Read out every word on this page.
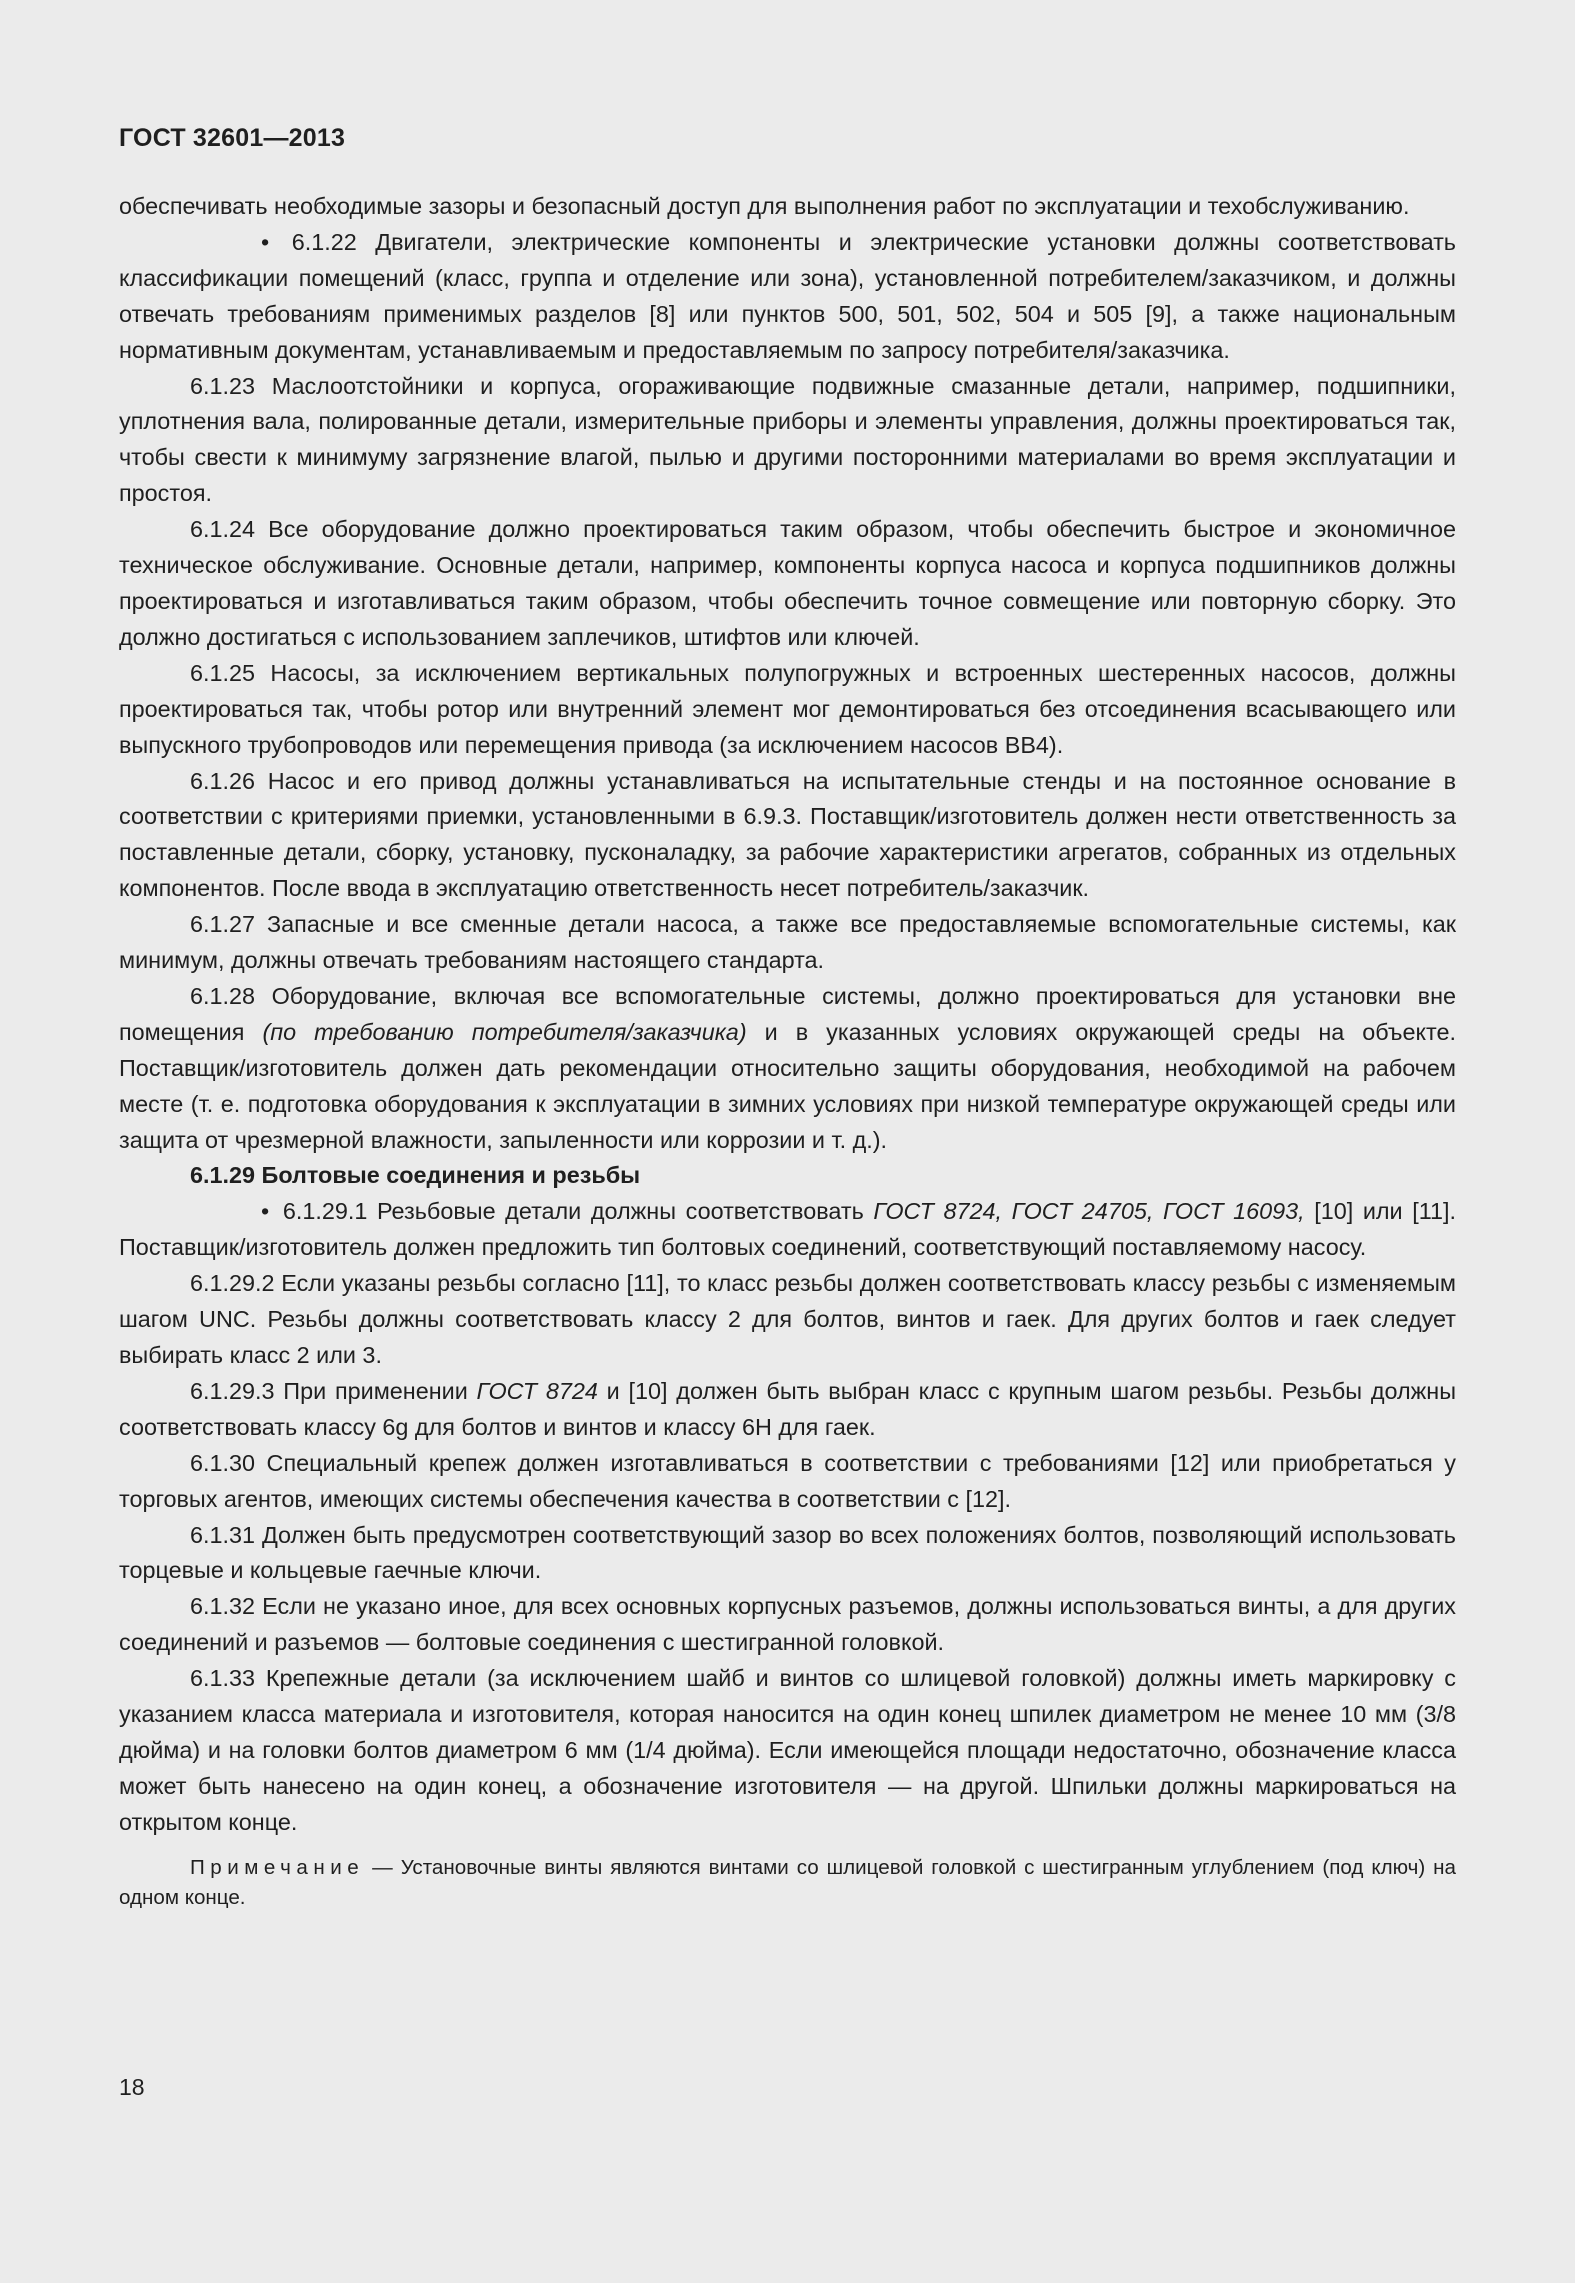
ГОСТ 32601—2013

обеспечивать необходимые зазоры и безопасный доступ для выполнения работ по эксплуатации и техобслуживанию.

• 6.1.22 Двигатели, электрические компоненты и электрические установки должны соответствовать классификации помещений (класс, группа и отделение или зона), установленной потребителем/заказчиком, и должны отвечать требованиям применимых разделов [8] или пунктов 500, 501, 502, 504 и 505 [9], а также национальным нормативным документам, устанавливаемым и предоставляемым по запросу потребителя/заказчика.

6.1.23 Маслоотстойники и корпуса, огораживающие подвижные смазанные детали, например, подшипники, уплотнения вала, полированные детали, измерительные приборы и элементы управления, должны проектироваться так, чтобы свести к минимуму загрязнение влагой, пылью и другими посторонними материалами во время эксплуатации и простоя.

6.1.24 Все оборудование должно проектироваться таким образом, чтобы обеспечить быстрое и экономичное техническое обслуживание. Основные детали, например, компоненты корпуса насоса и корпуса подшипников должны проектироваться и изготавливаться таким образом, чтобы обеспечить точное совмещение или повторную сборку. Это должно достигаться с использованием заплечиков, штифтов или ключей.

6.1.25 Насосы, за исключением вертикальных полупогружных и встроенных шестеренных насосов, должны проектироваться так, чтобы ротор или внутренний элемент мог демонтироваться без отсоединения всасывающего или выпускного трубопроводов или перемещения привода (за исключением насосов ВВ4).

6.1.26 Насос и его привод должны устанавливаться на испытательные стенды и на постоянное основание в соответствии с критериями приемки, установленными в 6.9.3. Поставщик/изготовитель должен нести ответственность за поставленные детали, сборку, установку, пусконаладку, за рабочие характеристики агрегатов, собранных из отдельных компонентов. После ввода в эксплуатацию ответственность несет потребитель/заказчик.

6.1.27 Запасные и все сменные детали насоса, а также все предоставляемые вспомогательные системы, как минимум, должны отвечать требованиям настоящего стандарта.

6.1.28 Оборудование, включая все вспомогательные системы, должно проектироваться для установки вне помещения (по требованию потребителя/заказчика) и в указанных условиях окружающей среды на объекте. Поставщик/изготовитель должен дать рекомендации относительно защиты оборудования, необходимой на рабочем месте (т. е. подготовка оборудования к эксплуатации в зимних условиях при низкой температуре окружающей среды или защита от чрезмерной влажности, запыленности или коррозии и т. д.).

6.1.29 Болтовые соединения и резьбы

• 6.1.29.1 Резьбовые детали должны соответствовать ГОСТ 8724, ГОСТ 24705, ГОСТ 16093, [10] или [11]. Поставщик/изготовитель должен предложить тип болтовых соединений, соответствующий поставляемому насосу.

6.1.29.2 Если указаны резьбы согласно [11], то класс резьбы должен соответствовать классу резьбы с изменяемым шагом UNC. Резьбы должны соответствовать классу 2 для болтов, винтов и гаек. Для других болтов и гаек следует выбирать класс 2 или 3.

6.1.29.3 При применении ГОСТ 8724 и [10] должен быть выбран класс с крупным шагом резьбы. Резьбы должны соответствовать классу 6g для болтов и винтов и классу 6H для гаек.

6.1.30 Специальный крепеж должен изготавливаться в соответствии с требованиями [12] или приобретаться у торговых агентов, имеющих системы обеспечения качества в соответствии с [12].

6.1.31 Должен быть предусмотрен соответствующий зазор во всех положениях болтов, позволяющий использовать торцевые и кольцевые гаечные ключи.

6.1.32 Если не указано иное, для всех основных корпусных разъемов, должны использоваться винты, а для других соединений и разъемов — болтовые соединения с шестигранной головкой.

6.1.33 Крепежные детали (за исключением шайб и винтов со шлицевой головкой) должны иметь маркировку с указанием класса материала и изготовителя, которая наносится на один конец шпилек диаметром не менее 10 мм (3/8 дюйма) и на головки болтов диаметром 6 мм (1/4 дюйма). Если имеющейся площади недостаточно, обозначение класса может быть нанесено на один конец, а обозначение изготовителя — на другой. Шпильки должны маркироваться на открытом конце.

Примечание — Установочные винты являются винтами со шлицевой головкой с шестигранным углублением (под ключ) на одном конце.

18
